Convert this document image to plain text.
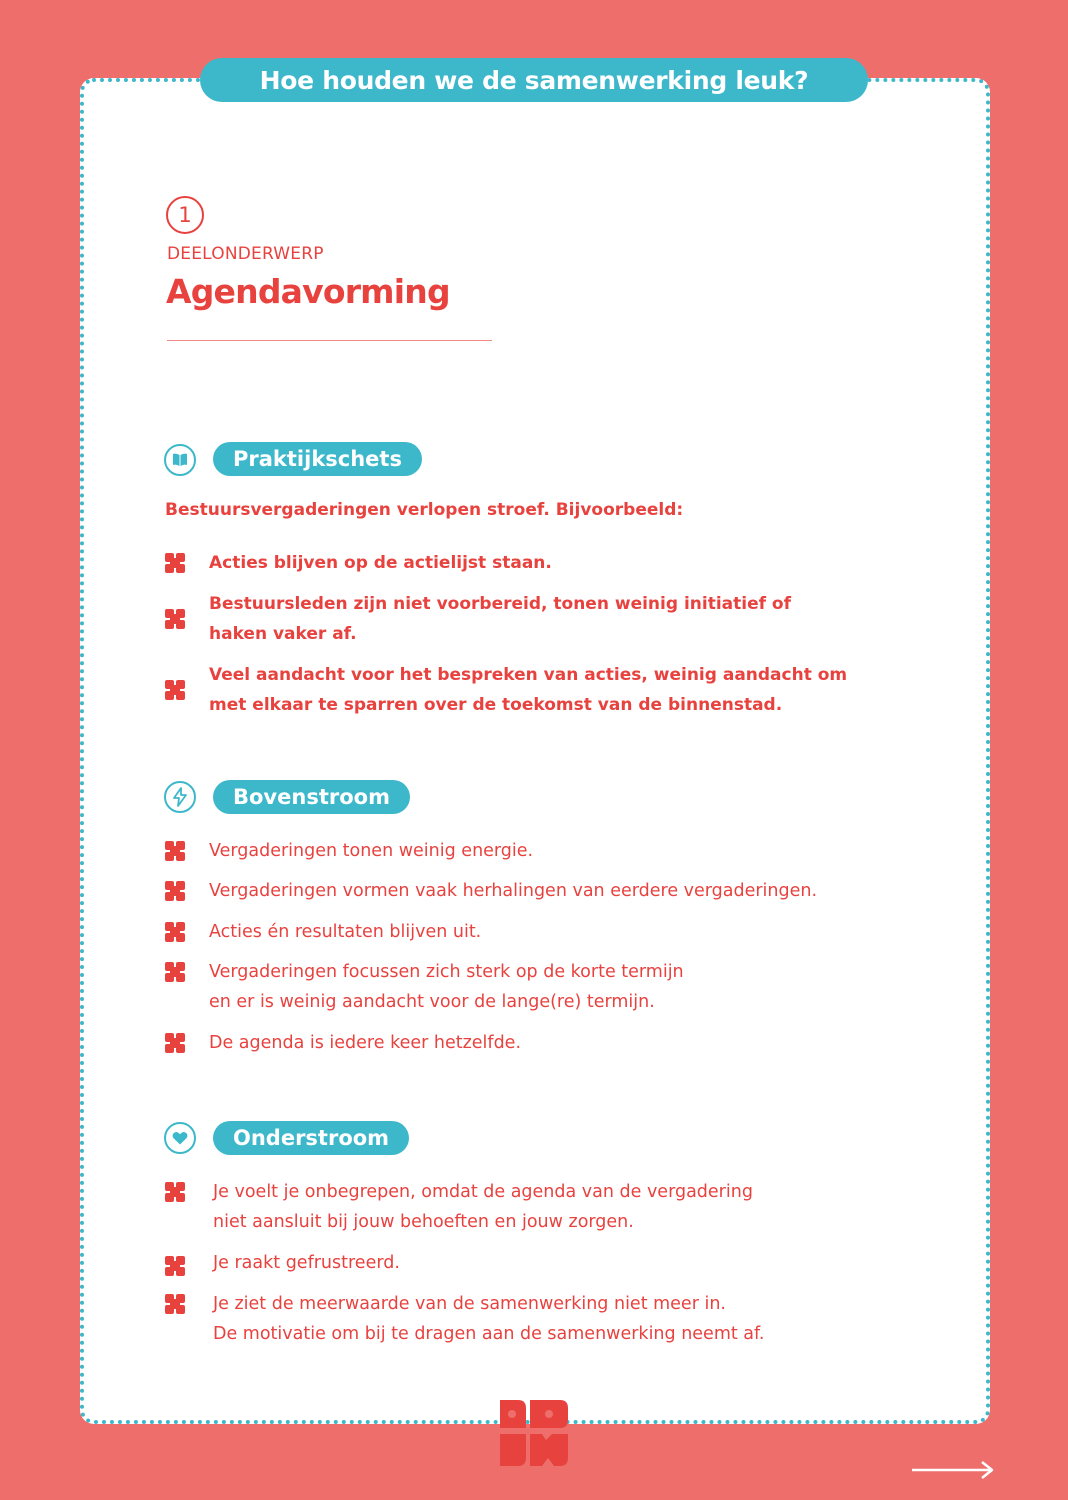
Hoe houden we de samenwerking leuk?
1
DEELONDERWERP
Agendavorming
Praktijkschets
Bestuursvergaderingen verlopen stroef. Bijvoorbeeld:
Acties blijven op de actielijst staan.
Bestuursleden zijn niet voorbereid, tonen weinig initiatief of
haken vaker af.
Veel aandacht voor het bespreken van acties, weinig aandacht om
met elkaar te sparren over de toekomst van de binnenstad.
Bovenstroom
Vergaderingen tonen weinig energie.
Vergaderingen vormen vaak herhalingen van eerdere vergaderingen.
Acties én resultaten blijven uit.
Vergaderingen focussen zich sterk op de korte termijn
en er is weinig aandacht voor de lange(re) termijn.
De agenda is iedere keer hetzelfde.
Onderstroom
Je voelt je onbegrepen, omdat de agenda van de vergadering
niet aansluit bij jouw behoeften en jouw zorgen.
Je raakt gefrustreerd.
Je ziet de meerwaarde van de samenwerking niet meer in.
De motivatie om bij te dragen aan de samenwerking neemt af.
